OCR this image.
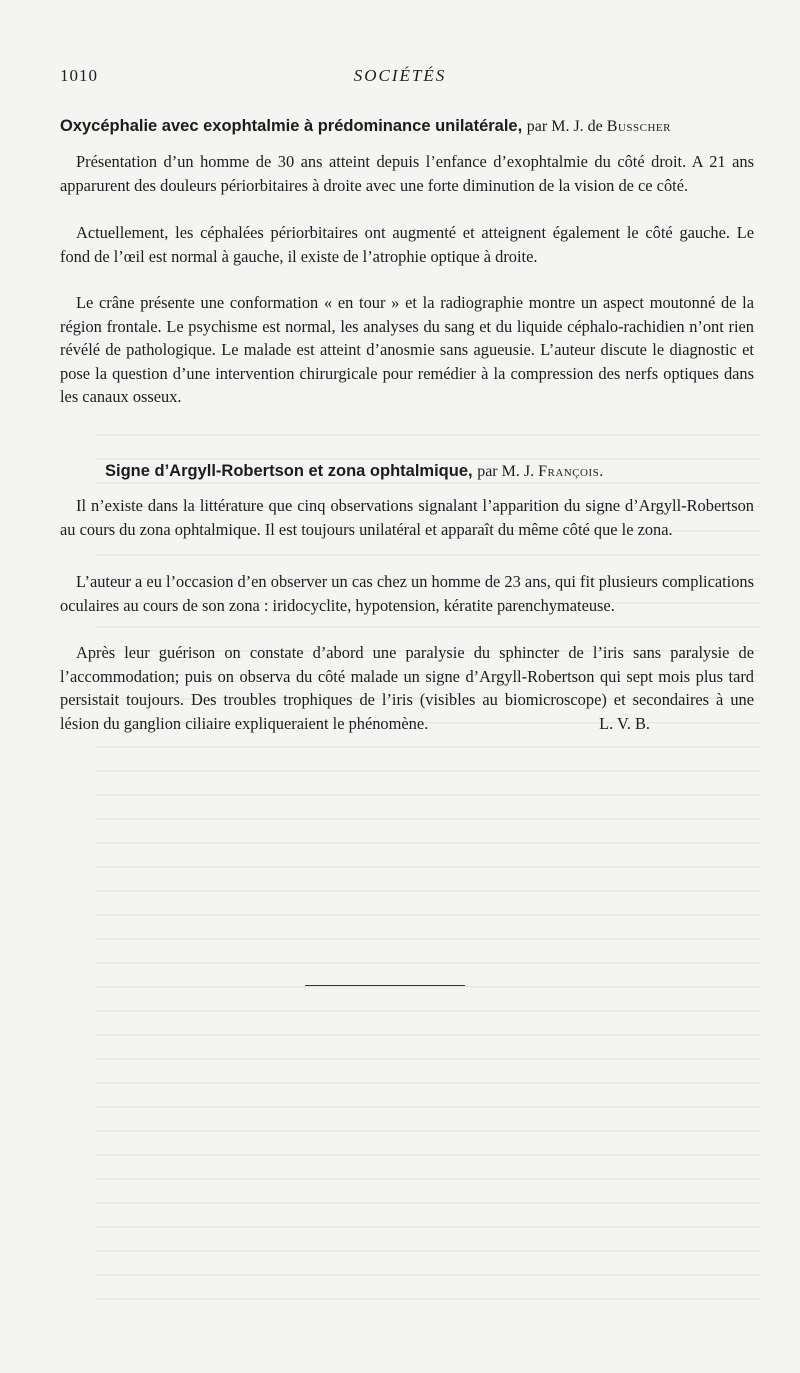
1010	SOCIÉTÉS
Oxycéphalie avec exophtalmie à prédominance unilatérale, par M. J. de Busscher
Présentation d’un homme de 30 ans atteint depuis l’enfance d’exophtalmie du côté droit. A 21 ans apparurent des douleurs périorbitaires à droite avec une forte diminution de la vision de ce côté.
Actuellement, les céphalées périorbitaires ont augmenté et atteignent également le côté gauche. Le fond de l’œil est normal à gauche, il existe de l’atrophie optique à droite.
Le crâne présente une conformation « en tour » et la radiographie montre un aspect moutonné de la région frontale. Le psychisme est normal, les analyses du sang et du liquide céphalo-rachidien n’ont rien révélé de pathologique. Le malade est atteint d’anosmie sans agueusie. L’auteur discute le diagnostic et pose la question d’une intervention chirurgicale pour remédier à la compression des nerfs optiques dans les canaux osseux.
Signe d’Argyll-Robertson et zona ophtalmique, par M. J. François.
Il n’existe dans la littérature que cinq observations signalant l’apparition du signe d’Argyll-Robertson au cours du zona ophtalmique. Il est toujours unilatéral et apparaît du même côté que le zona.
L’auteur a eu l’occasion d’en observer un cas chez un homme de 23 ans, qui fit plusieurs complications oculaires au cours de son zona : iridocyclite, hypotension, kératite parenchymateuse.
Après leur guérison on constate d’abord une paralysie du sphincter de l’iris sans paralysie de l’accommodation; puis on observa du côté malade un signe d’Argyll-Robertson qui sept mois plus tard persistait toujours. Des troubles trophiques de l’iris (visibles au biomicroscope) et secondaires à une lésion du ganglion ciliaire expliqueraient le phénomène.	L. V. B.
